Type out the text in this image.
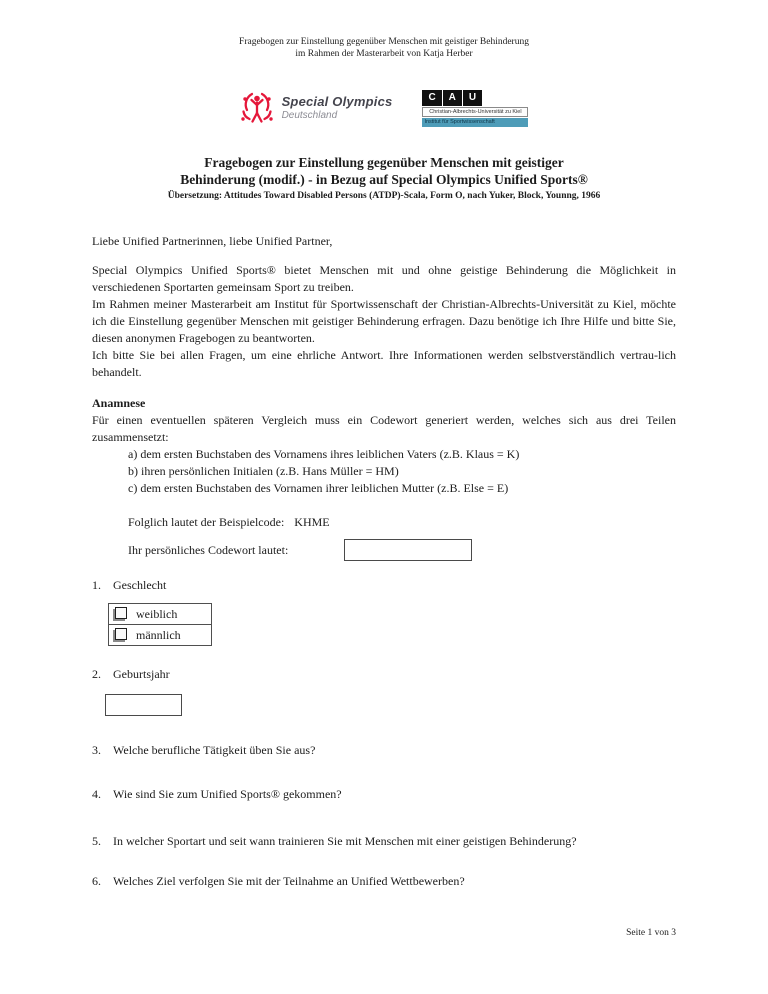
Fragebogen zur Einstellung gegenüber Menschen mit geistiger Behinderung
im Rahmen der Masterarbeit von Katja Herber
Special Olympics
Deutschland
C	A	U
Christian-Albrechts-Universität zu Kiel
Institut für Sportwissenschaft
Fragebogen zur Einstellung gegenüber Menschen mit geistiger
Behinderung (modif.) - in Bezug auf Special Olympics Unified Sports®
Übersetzung: Attitudes Toward Disabled Persons (ATDP)-Scala, Form O, nach Yuker, Block, Younng, 1966

Liebe Unified Partnerinnen, liebe Unified Partner,

Special Olympics Unified Sports® bietet Menschen mit und ohne geistige Behinderung die Möglichkeit in verschiedenen Sportarten gemeinsam Sport zu treiben.

Im Rahmen meiner Masterarbeit am Institut für Sportwissenschaft der Christian-Albrechts-Universität zu Kiel, möchte ich die Einstellung gegenüber Menschen mit geistiger Behinderung erfragen. Dazu benötige ich Ihre Hilfe und bitte Sie, diesen anonymen Fragebogen zu beantworten.

Ich bitte Sie bei allen Fragen, um eine ehrliche Antwort. Ihre Informationen werden selbstverständlich vertrau-lich behandelt.

Anamnese

Für einen eventuellen späteren Vergleich muss ein Codewort generiert werden, welches sich aus drei Teilen zusammensetzt:

a) dem ersten Buchstaben des Vornamens ihres leiblichen Vaters (z.B. Klaus = K)
b) ihren persönlichen Initialen (z.B. Hans Müller = HM)
c) dem ersten Buchstaben des Vornamen ihrer leiblichen Mutter (z.B. Else = E)
Folglich lautet der Beispielcode: KHME
Ihr persönliches Codewort lautet:
1.	Geschlecht
weiblich
männlich
2.	Geburtsjahr
3.	Welche berufliche Tätigkeit üben Sie aus?
4.	Wie sind Sie zum Unified Sports® gekommen?
5.	In welcher Sportart und seit wann trainieren Sie mit Menschen mit einer geistigen Behinderung?
6.	Welches Ziel verfolgen Sie mit der Teilnahme an Unified Wettbewerben?
Seite 1 von 3
